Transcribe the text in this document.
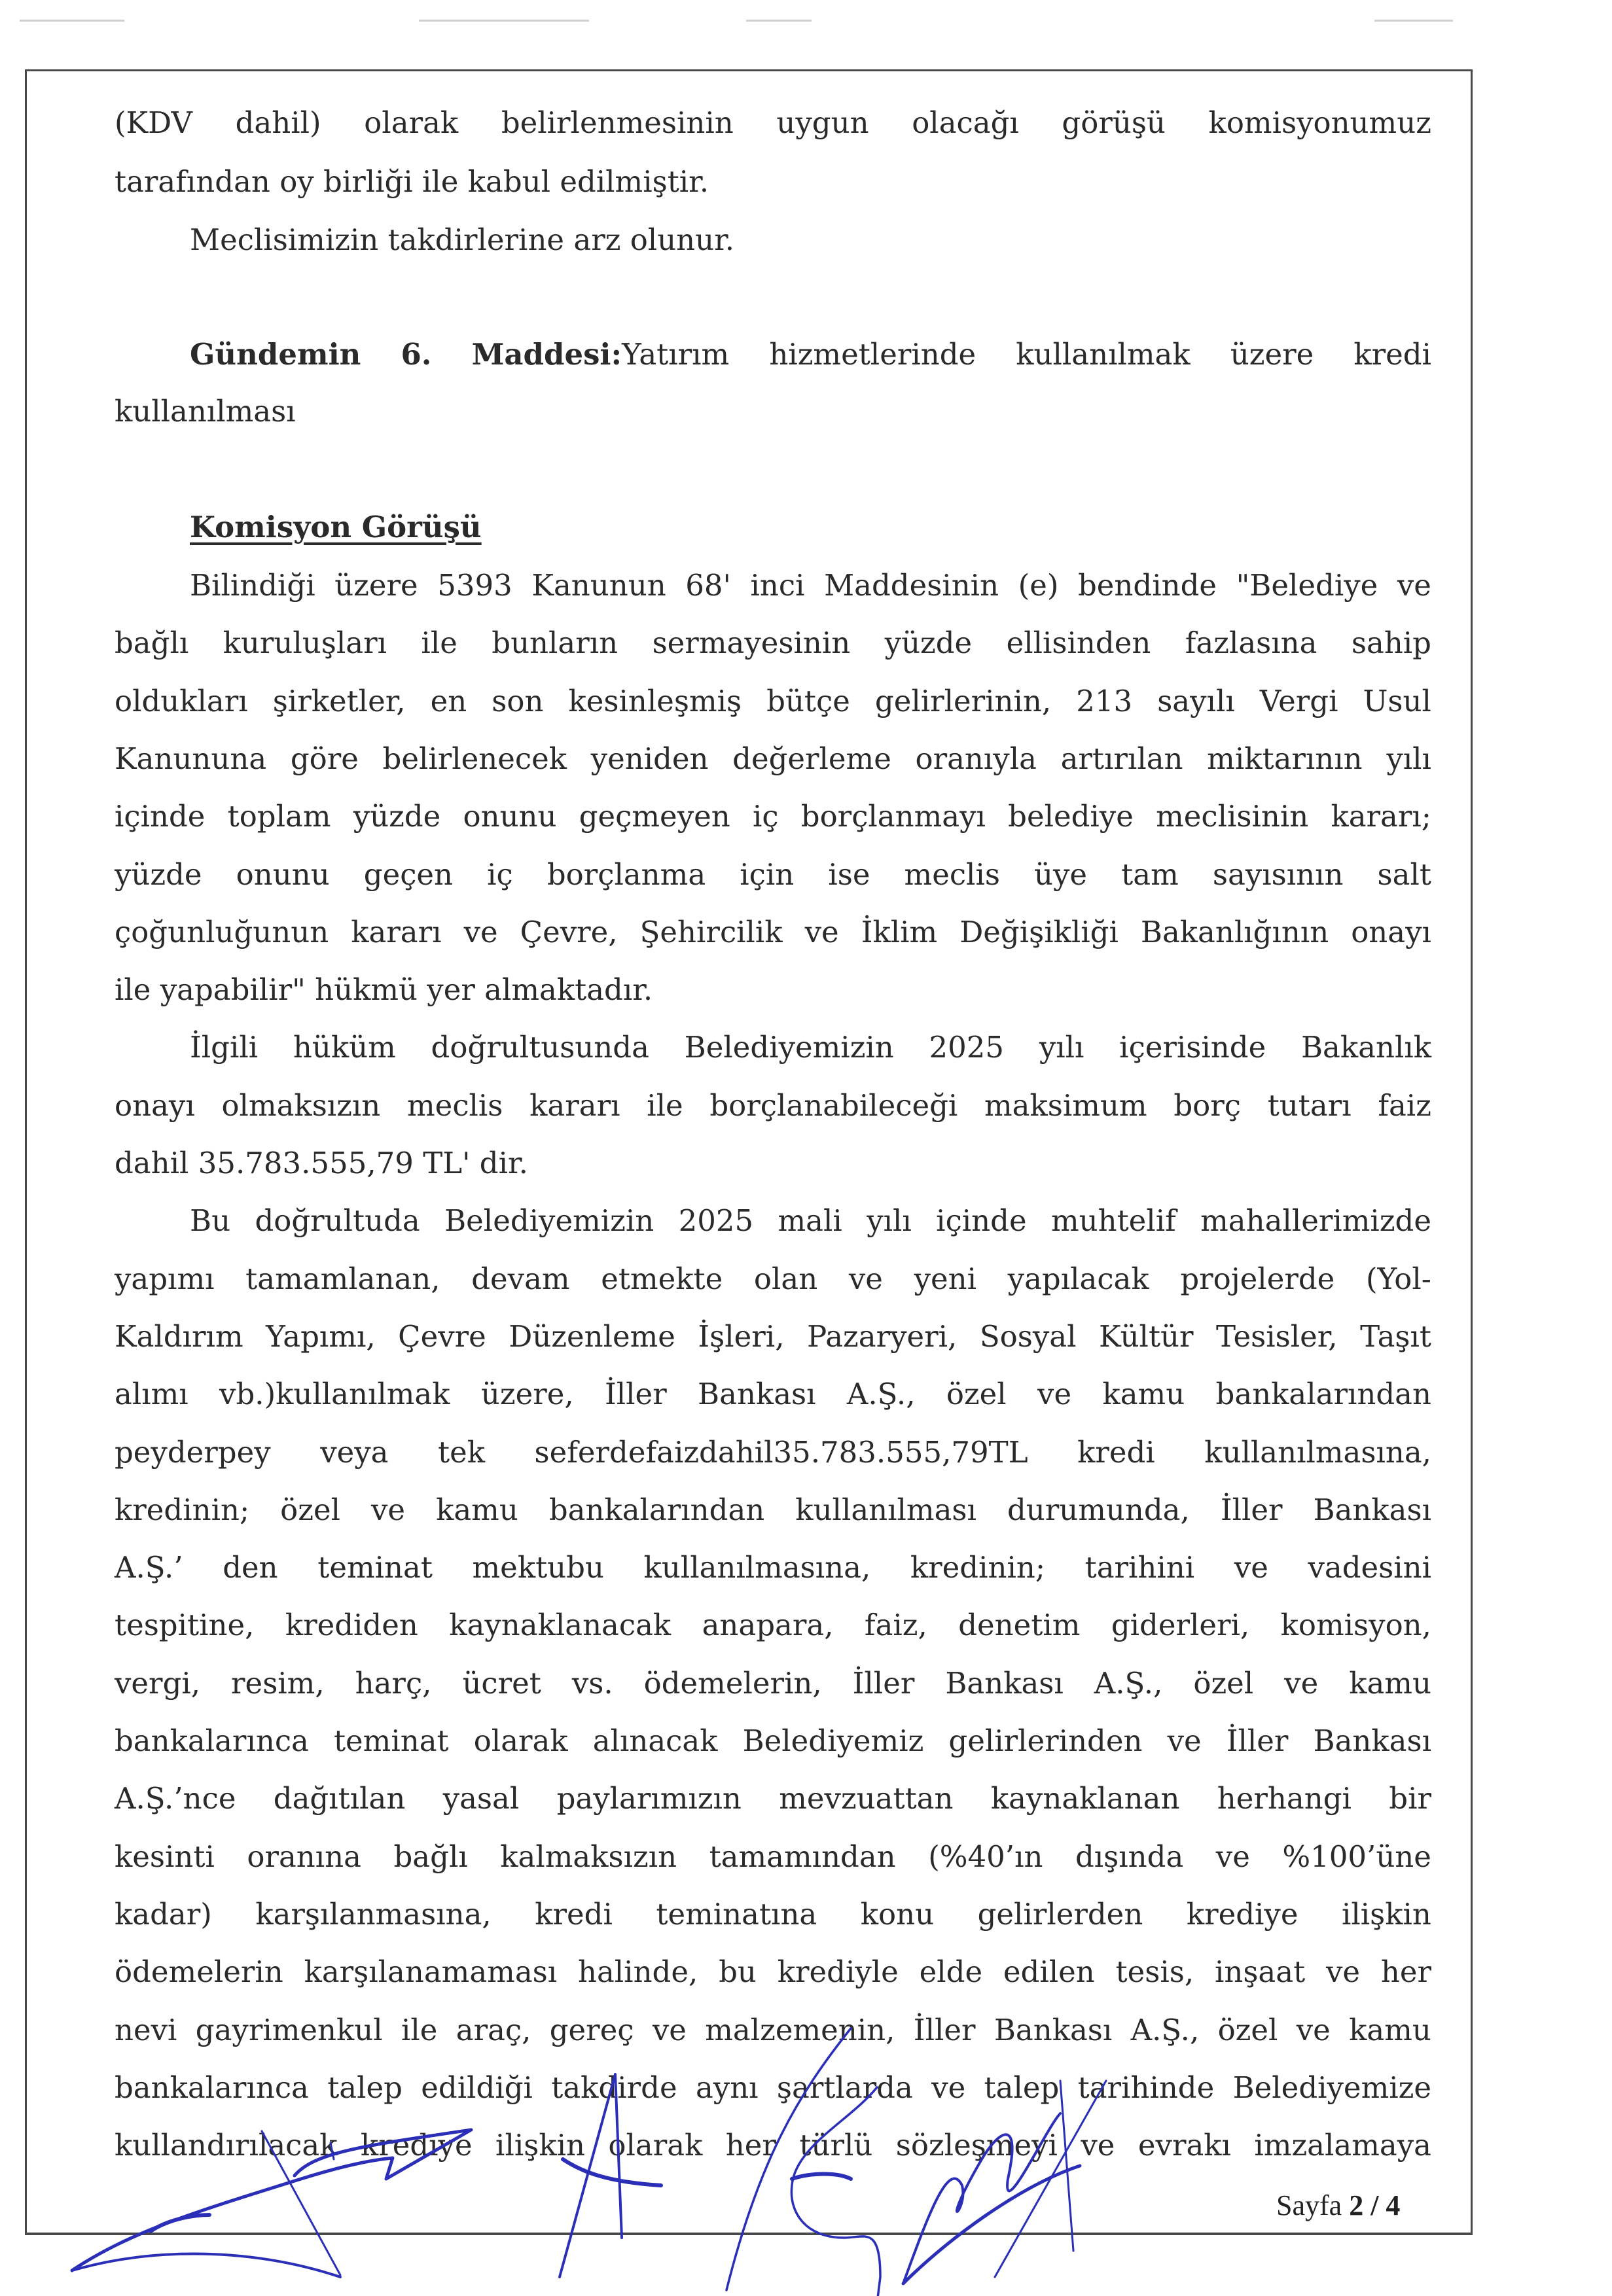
(KDV dahil) olarak belirlenmesinin uygun olacağı görüşü komisyonumuz
tarafından oy birliği ile kabul edilmiştir.
Meclisimizin takdirlerine arz olunur.
Gündemin 6. Maddesi:Yatırım hizmetlerinde kullanılmak üzere kredi
kullanılması
Komisyon Görüşü
Bilindiği üzere 5393 Kanunun 68' inci Maddesinin (e) bendinde "Belediye ve
bağlı kuruluşları ile bunların sermayesinin yüzde ellisinden fazlasına sahip
oldukları şirketler, en son kesinleşmiş bütçe gelirlerinin, 213 sayılı Vergi Usul
Kanununa göre belirlenecek yeniden değerleme oranıyla artırılan miktarının yılı
içinde toplam yüzde onunu geçmeyen iç borçlanmayı belediye meclisinin kararı;
yüzde onunu geçen iç borçlanma için ise meclis üye tam sayısının salt
çoğunluğunun kararı ve Çevre, Şehircilik ve İklim Değişikliği Bakanlığının onayı
ile yapabilir" hükmü yer almaktadır.
İlgili hüküm doğrultusunda Belediyemizin 2025 yılı içerisinde Bakanlık
onayı olmaksızın meclis kararı ile borçlanabileceği maksimum borç tutarı faiz
dahil 35.783.555,79 TL' dir.
Bu doğrultuda Belediyemizin 2025 mali yılı içinde muhtelif mahallerimizde
yapımı tamamlanan, devam etmekte olan ve yeni yapılacak projelerde (Yol-
Kaldırım Yapımı, Çevre Düzenleme İşleri, Pazaryeri, Sosyal Kültür Tesisler, Taşıt
alımı vb.)kullanılmak üzere, İller Bankası A.Ş., özel ve kamu bankalarından
peyderpey veya tek seferdefaizdahil35.783.555,79TL kredi kullanılmasına,
kredinin; özel ve kamu bankalarından kullanılması durumunda, İller Bankası
A.Ş.’ den teminat mektubu kullanılmasına, kredinin; tarihini ve vadesini
tespitine, krediden kaynaklanacak anapara, faiz, denetim giderleri, komisyon,
vergi, resim, harç, ücret vs. ödemelerin, İller Bankası A.Ş., özel ve kamu
bankalarınca teminat olarak alınacak Belediyemiz gelirlerinden ve İller Bankası
A.Ş.’nce dağıtılan yasal paylarımızın mevzuattan kaynaklanan herhangi bir
kesinti oranına bağlı kalmaksızın tamamından (%40’ın dışında ve %100’üne
kadar) karşılanmasına, kredi teminatına konu gelirlerden krediye ilişkin
ödemelerin karşılanamaması halinde, bu krediyle elde edilen tesis, inşaat ve her
nevi gayrimenkul ile araç, gereç ve malzemenin, İller Bankası A.Ş., özel ve kamu
bankalarınca talep edildiği takdirde aynı şartlarda ve talep tarihinde Belediyemize
kullandırılacak krediye ilişkin olarak her türlü sözleşmeyi ve evrakı imzalamaya
Sayfa 2 / 4
